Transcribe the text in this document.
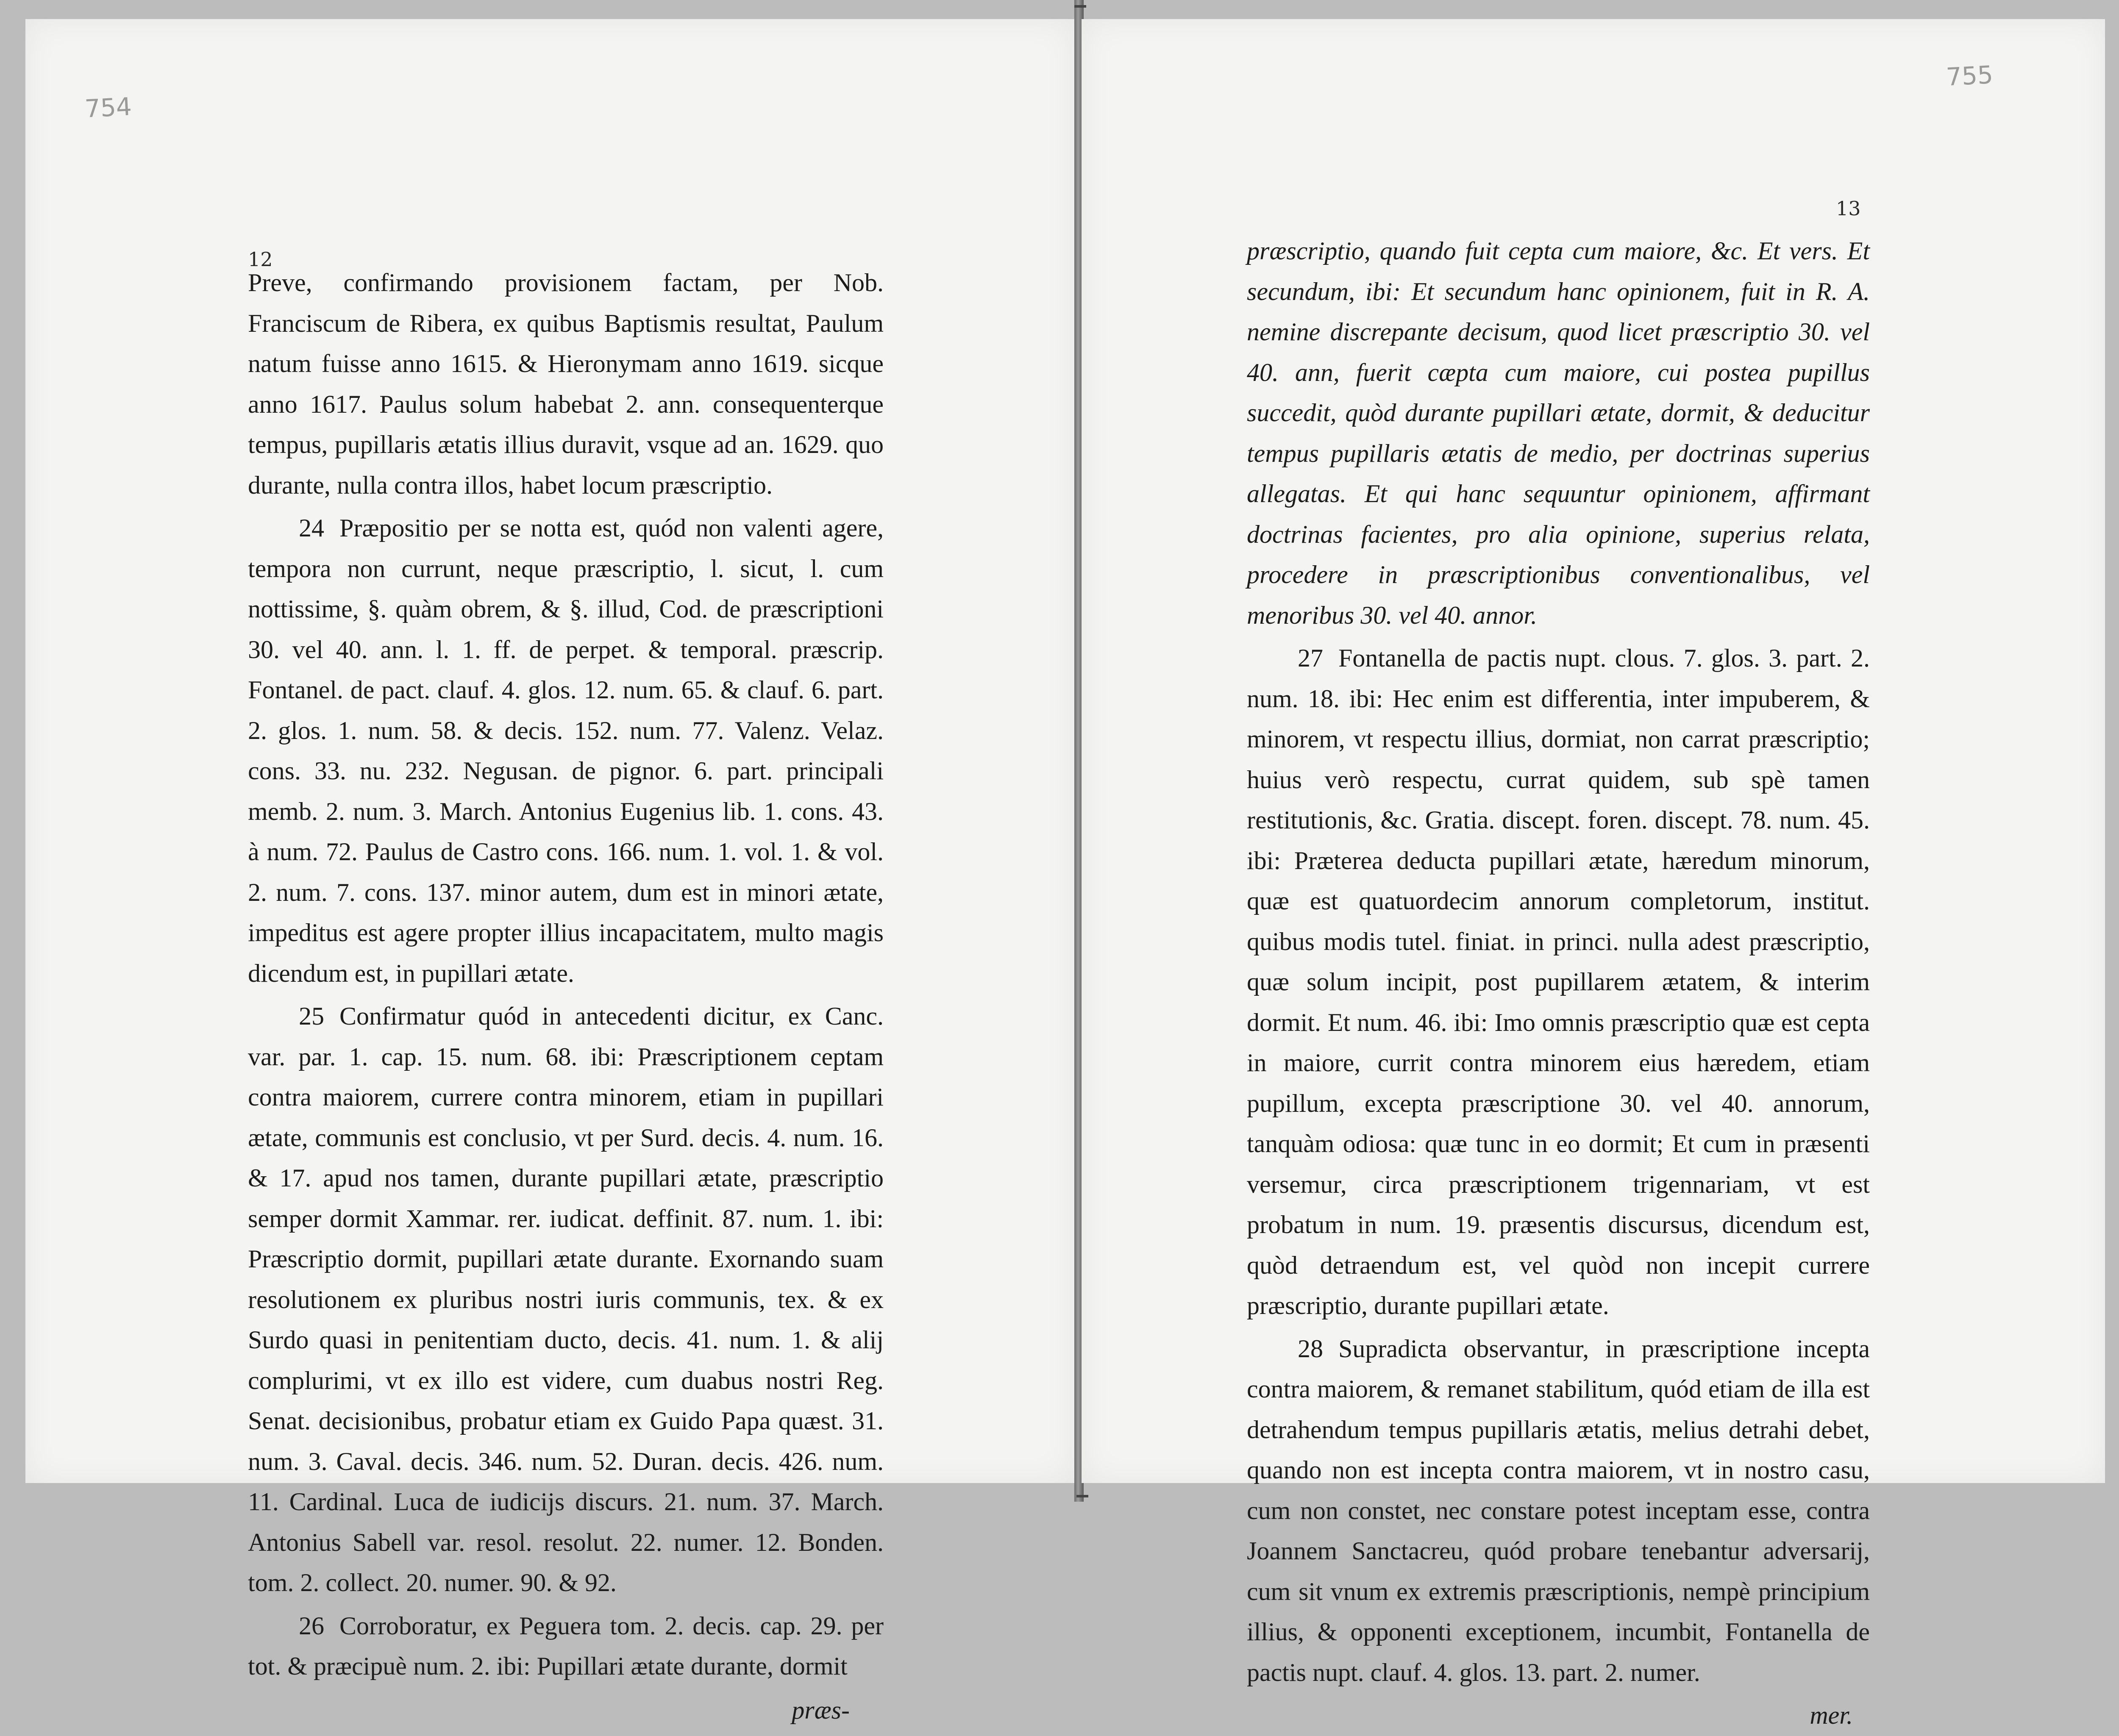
754
12

Preve, confirmando provisionem factam, per Nob. Franciscum de Ribera, ex quibus Baptismis resultat, Paulum natum fuisse anno 1615. & Hieronymam anno 1619. sicque anno 1617. Paulus solum habebat 2. ann. consequenterque tempus, pupillaris ætatis illius duravit, vsque ad an. 1629. quo durante, nulla contra illos, habet locum præscriptio.

24 Præpositio per se notta est, quód non valenti agere, tempora non currunt, neque præscriptio, l. sicut, l. cum nottissime, §. quàm obrem, & §. illud, Cod. de præscriptioni 30. vel 40. ann. l. 1. ff. de perpet. & temporal. præscrip. Fontanel. de pact. clauf. 4. glos. 12. num. 65. & clauf. 6. part. 2. glos. 1. num. 58. & decis. 152. num. 77. Valenz. Velaz. cons. 33. nu. 232. Negusan. de pignor. 6. part. principali memb. 2. num. 3. March. Antonius Eugenius lib. 1. cons. 43. à num. 72. Paulus de Castro cons. 166. num. 1. vol. 1. & vol. 2. num. 7. cons. 137. minor autem, dum est in minori ætate, impeditus est agere propter illius incapacitatem, multo magis dicendum est, in pupillari ætate.

25 Confirmatur quód in antecedenti dicitur, ex Canc. var. par. 1. cap. 15. num. 68. ibi: Præscriptionem ceptam contra maiorem, currere contra minorem, etiam in pupillari ætate, communis est conclusio, vt per Surd. decis. 4. num. 16. & 17. apud nos tamen, durante pupillari ætate, præscriptio semper dormit Xammar. rer. iudicat. deffinit. 87. num. 1. ibi: Præscriptio dormit, pupillari ætate durante. Exornando suam resolutionem ex pluribus nostri iuris communis, tex. & ex Surdo quasi in penitentiam ducto, decis. 41. num. 1. & alij complurimi, vt ex illo est videre, cum duabus nostri Reg. Senat. decisionibus, probatur etiam ex Guido Papa quæst. 31. num. 3. Caval. decis. 346. num. 52. Duran. decis. 426. num. 11. Cardinal. Luca de iudicijs discurs. 21. num. 37. March. Antonius Sabell var. resol. resolut. 22. numer. 12. Bonden. tom. 2. collect. 20. numer. 90. & 92.

26 Corroboratur, ex Peguera tom. 2. decis. cap. 29. per tot. & præcipuè num. 2. ibi: Pupillari ætate durante, dormit

præs-
755
13

præscriptio, quando fuit cepta cum maiore, &c. Et vers. Et secundum, ibi: Et secundum hanc opinionem, fuit in R. A. nemine discrepante decisum, quod licet præscriptio 30. vel 40. ann, fuerit cæpta cum maiore, cui postea pupillus succedit, quòd durante pupillari ætate, dormit, & deducitur tempus pupillaris ætatis de medio, per doctrinas superius allegatas. Et qui hanc sequuntur opinionem, affirmant doctrinas facientes, pro alia opinione, superius relata, procedere in præscriptionibus conventionalibus, vel menoribus 30. vel 40. annor.

27 Fontanella de pactis nupt. clous. 7. glos. 3. part. 2. num. 18. ibi: Hec enim est differentia, inter impuberem, & minorem, vt respectu illius, dormiat, non carrat præscriptio; huius verò respectu, currat quidem, sub spè tamen restitutionis, &c. Gratia. discept. foren. discept. 78. num. 45. ibi: Præterea deducta pupillari ætate, hæredum minorum, quæ est quatuordecim annorum completorum, institut. quibus modis tutel. finiat. in princi. nulla adest præscriptio, quæ solum incipit, post pupillarem ætatem, & interim dormit. Et num. 46. ibi: Imo omnis præscriptio quæ est cepta in maiore, currit contra minorem eius hæredem, etiam pupillum, excepta præscriptione 30. vel 40. annorum, tanquàm odiosa: quæ tunc in eo dormit; Et cum in præsenti versemur, circa præscriptionem trigennariam, vt est probatum in num. 19. præsentis discursus, dicendum est, quòd detraendum est, vel quòd non incepit currere præscriptio, durante pupillari ætate.

28 Supradicta observantur, in præscriptione incepta contra maiorem, & remanet stabilitum, quód etiam de illa est detrahendum tempus pupillaris ætatis, melius detrahi debet, quando non est incepta contra maiorem, vt in nostro casu, cum non constet, nec constare potest inceptam esse, contra Joannem Sanctacreu, quód probare tenebantur adversarij, cum sit vnum ex extremis præscriptionis, nempè principium illius, & opponenti exceptionem, incumbit, Fontanella de pactis nupt. clauf. 4. glos. 13. part. 2. numer.

mer.
